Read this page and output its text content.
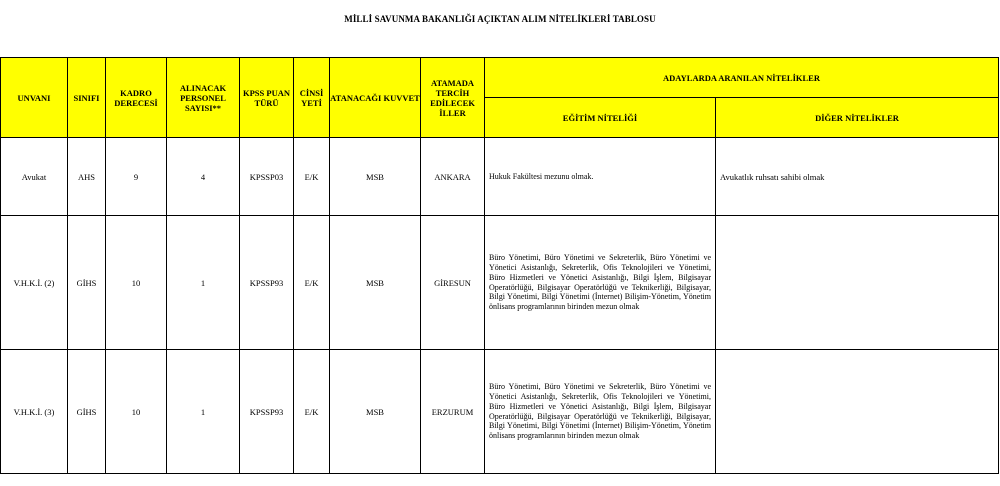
MİLLİ SAVUNMA BAKANLIĞI AÇIKTAN ALIM NİTELİKLERİ TABLOSU
UNVANI	SINIFI	KADRO DERECESİ	ALINACAK PERSONEL SAYISI**	KPSS PUAN TÜRÜ	CİNSİ YETİ	ATANACAĞI KUVVET	ATAMADA TERCİH EDİLECEK İLLER	ADAYLARDA ARANILAN NİTELİKLER	
								EĞİTİM NİTELİĞİ	DİĞER NİTELİKLER
Avukat	AHS	9	4	KPSSP03	E/K	MSB	ANKARA	Hukuk Fakültesi mezunu olmak.	Avukatlık ruhsatı sahibi olmak
V.H.K.İ. (2)	GİHS	10	1	KPSSP93	E/K	MSB	GİRESUN	Büro Yönetimi, Büro Yönetimi ve Sekreterlik, Büro Yönetimi ve Yönetici Asistanlığı, Sekreterlik, Ofis Teknolojileri ve Yönetimi, Büro Hizmetleri ve Yönetici Asistanlığı, Bilgi İşlem, Bilgisayar Operatörlüğü, Bilgisayar Operatörlüğü ve Teknikerliği, Bilgisayar, Bilgi Yönetimi, Bilgi Yönetimi (İnternet) Bilişim-Yönetim, Yönetim önlisans programlarının birinden mezun olmak	
V.H.K.İ. (3)	GİHS	10	1	KPSSP93	E/K	MSB	ERZURUM	Büro Yönetimi, Büro Yönetimi ve Sekreterlik, Büro Yönetimi ve Yönetici Asistanlığı, Sekreterlik, Ofis Teknolojileri ve Yönetimi, Büro Hizmetleri ve Yönetici Asistanlığı, Bilgi İşlem, Bilgisayar Operatörlüğü, Bilgisayar Operatörlüğü ve Teknikerliği, Bilgisayar, Bilgi Yönetimi, Bilgi Yönetimi (İnternet) Bilişim-Yönetim, Yönetim önlisans programlarının birinden mezun olmak	
